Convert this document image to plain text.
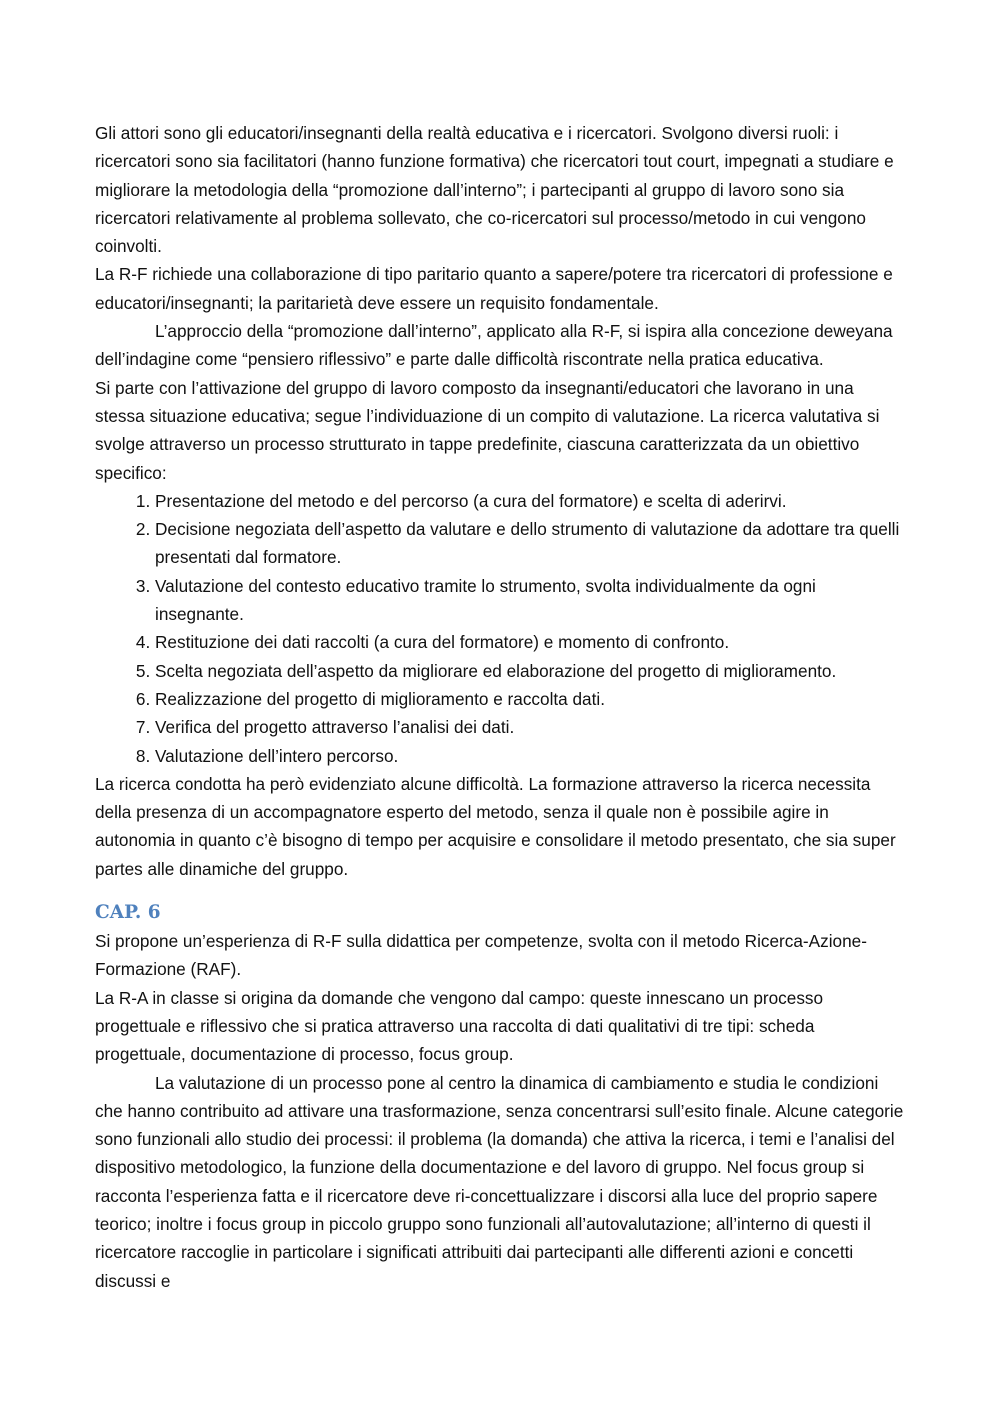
Gli attori sono gli educatori/insegnanti della realtà educativa e i ricercatori. Svolgono diversi ruoli: i ricercatori sono sia facilitatori (hanno funzione formativa) che ricercatori tout court, impegnati a studiare e migliorare la metodologia della “promozione dall’interno”; i partecipanti al gruppo di lavoro sono sia ricercatori relativamente al problema sollevato, che co-ricercatori sul processo/metodo in cui vengono coinvolti.

La R-F richiede una collaborazione di tipo paritario quanto a sapere/potere tra ricercatori di professione e educatori/insegnanti; la paritarietà deve essere un requisito fondamentale.

L’approccio della “promozione dall’interno”, applicato alla R-F, si ispira alla concezione deweyana dell’indagine come “pensiero riflessivo” e parte dalle difficoltà riscontrate nella pratica educativa.

Si parte con l’attivazione del gruppo di lavoro composto da insegnanti/educatori che lavorano in una stessa situazione educativa; segue l’individuazione di un compito di valutazione. La ricerca valutativa si svolge attraverso un processo strutturato in tappe predefinite, ciascuna caratterizzata da un obiettivo specifico:

1. Presentazione del metodo e del percorso (a cura del formatore) e scelta di aderirvi.
2. Decisione negoziata dell’aspetto da valutare e dello strumento di valutazione da adottare tra quelli presentati dal formatore.
3. Valutazione del contesto educativo tramite lo strumento, svolta individualmente da ogni insegnante.
4. Restituzione dei dati raccolti (a cura del formatore) e momento di confronto.
5. Scelta negoziata dell’aspetto da migliorare ed elaborazione del progetto di miglioramento.
6. Realizzazione del progetto di miglioramento e raccolta dati.
7. Verifica del progetto attraverso l’analisi dei dati.
8. Valutazione dell’intero percorso.

La ricerca condotta ha però evidenziato alcune difficoltà. La formazione attraverso la ricerca necessita della presenza di un accompagnatore esperto del metodo, senza il quale non è possibile agire in autonomia in quanto c’è bisogno di tempo per acquisire e consolidare il metodo presentato, che sia super partes alle dinamiche del gruppo.

CAP. 6

Si propone un’esperienza di R-F sulla didattica per competenze, svolta con il metodo Ricerca-Azione-Formazione (RAF).

La R-A in classe si origina da domande che vengono dal campo: queste innescano un processo progettuale e riflessivo che si pratica attraverso una raccolta di dati qualitativi di tre tipi: scheda progettuale, documentazione di processo, focus group.

La valutazione di un processo pone al centro la dinamica di cambiamento e studia le condizioni che hanno contribuito ad attivare una trasformazione, senza concentrarsi sull’esito finale. Alcune categorie sono funzionali allo studio dei processi: il problema (la domanda) che attiva la ricerca, i temi e l’analisi del dispositivo metodologico, la funzione della documentazione e del lavoro di gruppo. Nel focus group si racconta l’esperienza fatta e il ricercatore deve ri-concettualizzare i discorsi alla luce del proprio sapere teorico; inoltre i focus group in piccolo gruppo sono funzionali all’autovalutazione; all’interno di questi il ricercatore raccoglie in particolare i significati attribuiti dai partecipanti alle differenti azioni e concetti discussi e
